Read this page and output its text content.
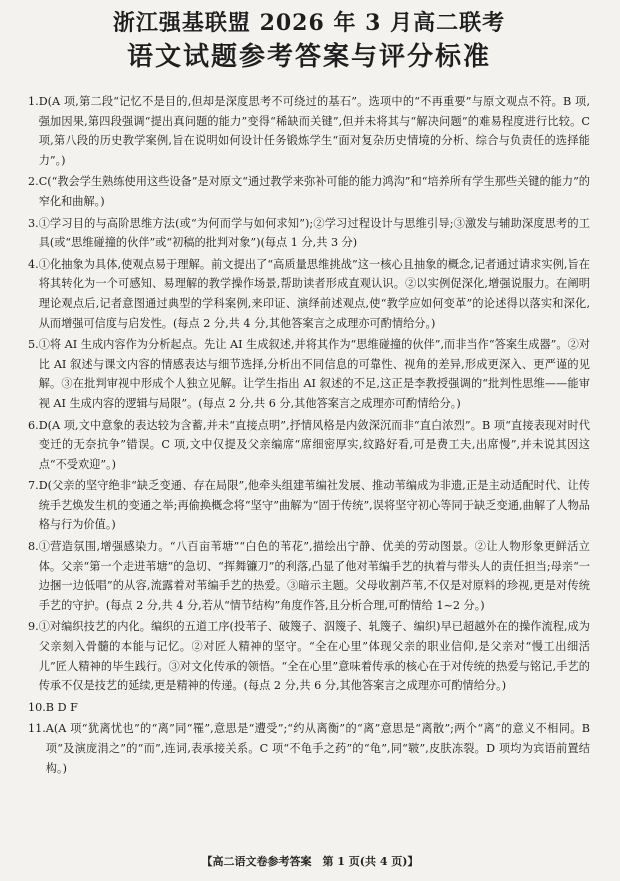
浙江强基联盟 2026 年 3 月高二联考
语文试题参考答案与评分标准
1. D(A 项,第二段“记忆不是目的,但却是深度思考不可绕过的基石”。选项中的“不再重要”与原文观点不符。B 项,强加因果,第四段强调“提出真问题的能力”变得“稀缺而关键”,但并未将其与“解决问题”的难易程度进行比较。C 项,第八段的历史教学案例,旨在说明如何设计任务锻炼学生“面对复杂历史情境的分析、综合与负责任的选择能力”。)
2. C(“教会学生熟练使用这些设备”是对原文“通过教学来弥补可能的能力鸿沟”和“培养所有学生那些关键的能力”的窄化和曲解。)
3. ①学习目的与高阶思维方法(或“为何而学与如何求知”);②学习过程设计与思维引导;③激发与辅助深度思考的工具(或“思维碰撞的伙伴”或“初稿的批判对象”)(每点 1 分,共 3 分)
4. ①化抽象为具体,使观点易于理解。前文提出了“高质量思维挑战”这一核心且抽象的概念,记者通过请求实例,旨在将其转化为一个可感知、易理解的教学操作场景,帮助读者形成直观认识。②以实例促深化,增强说服力。在阐明理论观点后,记者意图通过典型的学科案例,来印证、演绎前述观点,使“教学应如何变革”的论述得以落实和深化,从而增强可信度与启发性。(每点 2 分,共 4 分,其他答案言之成理亦可酌情给分。)
5. ①将 AI 生成内容作为分析起点。先让 AI 生成叙述,并将其作为“思维碰撞的伙伴”,而非当作“答案生成器”。②对比 AI 叙述与课文内容的情感表达与细节选择,分析出不同信息的可靠性、视角的差异,形成更深入、更严谨的见解。③在批判审视中形成个人独立见解。让学生指出 AI 叙述的不足,这正是李教授强调的“批判性思维——能审视 AI 生成内容的逻辑与局限”。(每点 2 分,共 6 分,其他答案言之成理亦可酌情给分。)
6. D(A 项,文中意象的表达较为含蓄,并未“直接点明”,抒情风格是内敛深沉而非“直白浓烈”。B 项“直接表现对时代变迁的无奈抗争”错误。C 项,文中仅提及父亲编席“席细密厚实,纹路好看,可是费工夫,出席慢”,并未说其因这点“不受欢迎”。)
7. D(父亲的坚守绝非“缺乏变通、存在局限”,他牵头组建苇编社发展、推动苇编成为非遗,正是主动适配时代、让传统手艺焕发生机的变通之举;再偷换概念将“坚守”曲解为“固于传统”,误将坚守初心等同于缺乏变通,曲解了人物品格与行为价值。)
8. ①营造氛围,增强感染力。“八百亩苇塘”“白色的苇花”,描绘出宁静、优美的劳动图景。②让人物形象更鲜活立体。父亲“第一个走进苇塘”的急切、“挥舞镰刀”的利落,凸显了他对苇编手艺的执着与带头人的责任担当;母亲“一边捆一边低唱”的从容,流露着对苇编手艺的热爱。③暗示主题。父母收割芦苇,不仅是对原料的珍视,更是对传统手艺的守护。(每点 2 分,共 4 分,若从“情节结构”角度作答,且分析合理,可酌情给 1~2 分。)
9. ①对编织技艺的内化。编织的五道工序(投苇子、破篾子、泅篾子、轧篾子、编织)早已超越外在的操作流程,成为父亲刻入骨髓的本能与记忆。②对匠人精神的坚守。“全在心里”体现父亲的职业信仰,是父亲对“慢工出细活儿”匠人精神的毕生践行。③对文化传承的领悟。“全在心里”意味着传承的核心在于对传统的热爱与铭记,手艺的传承不仅是技艺的延续,更是精神的传递。(每点 2 分,共 6 分,其他答案言之成理亦可酌情给分。)
10. B D F
11. A(A 项“犹离忧也”的“离”同“罹”,意思是“遭受”;“约从离衡”的“离”意思是“离散”;两个“离”的意义不相同。B 项“及演庞涓之”的“而”,连词,表承接关系。C 项“不龟手之药”的“龟”,同“皲”,皮肤冻裂。D 项均为宾语前置结构。)
【高二语文卷参考答案　第 1 页(共 4 页)】
